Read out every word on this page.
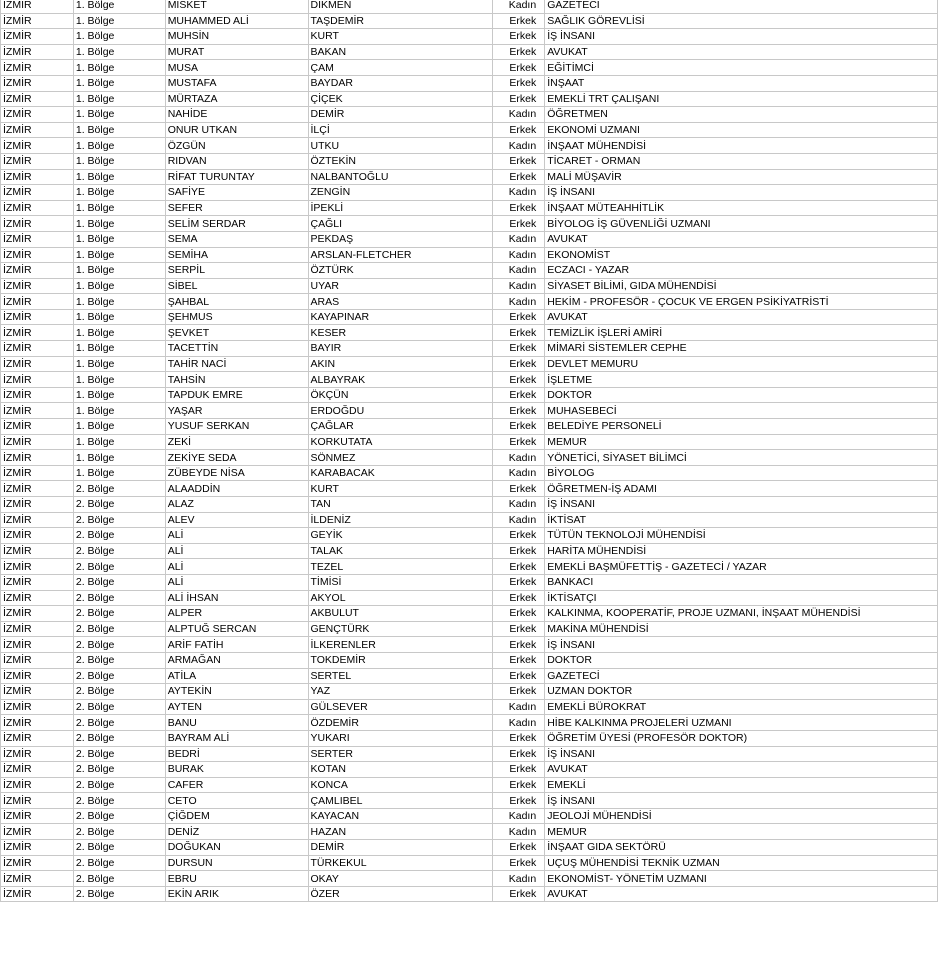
İZMİR	1. Bölge	MİSKET	DİKMEN	Kadın	GAZETECİ
İZMİR	1. Bölge	MUHAMMED ALİ	TAŞDEMİR	Erkek	SAĞLIK GÖREVLİSİ
İZMİR	1. Bölge	MUHSİN	KURT	Erkek	İŞ İNSANI
İZMİR	1. Bölge	MURAT	BAKAN	Erkek	AVUKAT
İZMİR	1. Bölge	MUSA	ÇAM	Erkek	EĞİTİMCİ
İZMİR	1. Bölge	MUSTAFA	BAYDAR	Erkek	İNŞAAT
İZMİR	1. Bölge	MÜRTAZA	ÇİÇEK	Erkek	EMEKLİ TRT ÇALIŞANI
İZMİR	1. Bölge	NAHİDE	DEMİR	Kadın	ÖĞRETMEN
İZMİR	1. Bölge	ONUR UTKAN	İLÇİ	Erkek	EKONOMİ UZMANI
İZMİR	1. Bölge	ÖZGÜN	UTKU	Kadın	İNŞAAT MÜHENDİSİ
İZMİR	1. Bölge	RIDVAN	ÖZTEKİN	Erkek	TİCARET - ORMAN
İZMİR	1. Bölge	RİFAT TURUNTAY	NALBANTOĞLU	Erkek	MALİ MÜŞAVİR
İZMİR	1. Bölge	SAFİYE	ZENGİN	Kadın	İŞ İNSANI
İZMİR	1. Bölge	SEFER	İPEKLİ	Erkek	İNŞAAT MÜTEAHHİTLİK
İZMİR	1. Bölge	SELİM SERDAR	ÇAĞLI	Erkek	BİYOLOG İŞ GÜVENLİĞİ UZMANI
İZMİR	1. Bölge	SEMA	PEKDAŞ	Kadın	AVUKAT
İZMİR	1. Bölge	SEMİHA	ARSLAN-FLETCHER	Kadın	EKONOMİST
İZMİR	1. Bölge	SERPİL	ÖZTÜRK	Kadın	ECZACI - YAZAR
İZMİR	1. Bölge	SİBEL	UYAR	Kadın	SİYASET BİLİMİ, GIDA MÜHENDİSİ
İZMİR	1. Bölge	ŞAHBAL	ARAS	Kadın	HEKİM - PROFESÖR - ÇOCUK VE ERGEN PSİKİYATRİSTİ
İZMİR	1. Bölge	ŞEHMUS	KAYAPINAR	Erkek	AVUKAT
İZMİR	1. Bölge	ŞEVKET	KESER	Erkek	TEMİZLİK İŞLERİ AMİRİ
İZMİR	1. Bölge	TACETTİN	BAYIR	Erkek	MİMARİ SİSTEMLER CEPHE
İZMİR	1. Bölge	TAHİR NACİ	AKIN	Erkek	DEVLET MEMURU
İZMİR	1. Bölge	TAHSİN	ALBAYRAK	Erkek	İŞLETME
İZMİR	1. Bölge	TAPDUK EMRE	ÖKÇÜN	Erkek	DOKTOR
İZMİR	1. Bölge	YAŞAR	ERDOĞDU	Erkek	MUHASEBECİ
İZMİR	1. Bölge	YUSUF SERKAN	ÇAĞLAR	Erkek	BELEDİYE PERSONELİ
İZMİR	1. Bölge	ZEKİ	KORKUTATA	Erkek	MEMUR
İZMİR	1. Bölge	ZEKİYE SEDA	SÖNMEZ	Kadın	YÖNETİCİ, SİYASET BİLİMCİ
İZMİR	1. Bölge	ZÜBEYDE NİSA	KARABACAK	Kadın	BİYOLOG
İZMİR	2. Bölge	ALAADDİN	KURT	Erkek	ÖĞRETMEN-İŞ ADAMI
İZMİR	2. Bölge	ALAZ	TAN	Kadın	İŞ İNSANI
İZMİR	2. Bölge	ALEV	İLDENİZ	Kadın	İKTİSAT
İZMİR	2. Bölge	ALİ	GEYİK	Erkek	TÜTÜN TEKNOLOJİ MÜHENDİSİ
İZMİR	2. Bölge	ALİ	TALAK	Erkek	HARİTA MÜHENDİSİ
İZMİR	2. Bölge	ALİ	TEZEL	Erkek	EMEKLİ BAŞMÜFETTİŞ - GAZETECİ / YAZAR
İZMİR	2. Bölge	ALİ	TİMİSİ	Erkek	BANKACI
İZMİR	2. Bölge	ALİ İHSAN	AKYOL	Erkek	İKTİSATÇI
İZMİR	2. Bölge	ALPER	AKBULUT	Erkek	KALKINMA, KOOPERATİF, PROJE UZMANI, İNŞAAT MÜHENDİSİ
İZMİR	2. Bölge	ALPTUĞ SERCAN	GENÇTÜRK	Erkek	MAKİNA MÜHENDİSİ
İZMİR	2. Bölge	ARİF FATİH	İLKERENLER	Erkek	İŞ İNSANI
İZMİR	2. Bölge	ARMAĞAN	TOKDEMİR	Erkek	DOKTOR
İZMİR	2. Bölge	ATİLA	SERTEL	Erkek	GAZETECİ
İZMİR	2. Bölge	AYTEKİN	YAZ	Erkek	UZMAN DOKTOR
İZMİR	2. Bölge	AYTEN	GÜLSEVER	Kadın	EMEKLİ BÜROKRAT
İZMİR	2. Bölge	BANU	ÖZDEMİR	Kadın	HİBE KALKINMA PROJELERİ UZMANI
İZMİR	2. Bölge	BAYRAM ALİ	YUKARI	Erkek	ÖĞRETİM ÜYESİ (PROFESÖR DOKTOR)
İZMİR	2. Bölge	BEDRİ	SERTER	Erkek	İŞ İNSANI
İZMİR	2. Bölge	BURAK	KOTAN	Erkek	AVUKAT
İZMİR	2. Bölge	CAFER	KONCA	Erkek	EMEKLİ
İZMİR	2. Bölge	CETO	ÇAMLIBEL	Erkek	İŞ İNSANI
İZMİR	2. Bölge	ÇİĞDEM	KAYACAN	Kadın	JEOLOJİ MÜHENDİSİ
İZMİR	2. Bölge	DENİZ	HAZAN	Kadın	MEMUR
İZMİR	2. Bölge	DOĞUKAN	DEMİR	Erkek	İNŞAAT GIDA SEKTÖRÜ
İZMİR	2. Bölge	DURSUN	TÜRKEKUL	Erkek	UÇUŞ MÜHENDİSİ TEKNİK UZMAN
İZMİR	2. Bölge	EBRU	OKAY	Kadın	EKONOMİST- YÖNETİM UZMANI
İZMİR	2. Bölge	EKİN ARIK	ÖZER	Erkek	AVUKAT
